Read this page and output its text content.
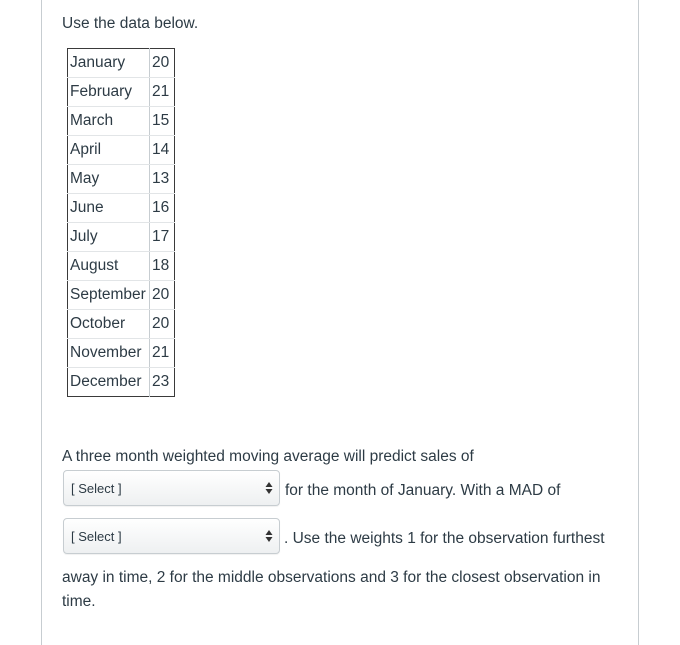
Use the data below.
January	20
February	21
March	15
April	14
May	13
June	16
July	17
August	18
September	20
October	20
November	21
December	23
A three month weighted moving average will predict sales of
[ Select ]	for the month of January. With a MAD of
[ Select ]	. Use the weights 1 for the observation furthest
away in time, 2 for the middle observations and 3 for the closest observation in time.
